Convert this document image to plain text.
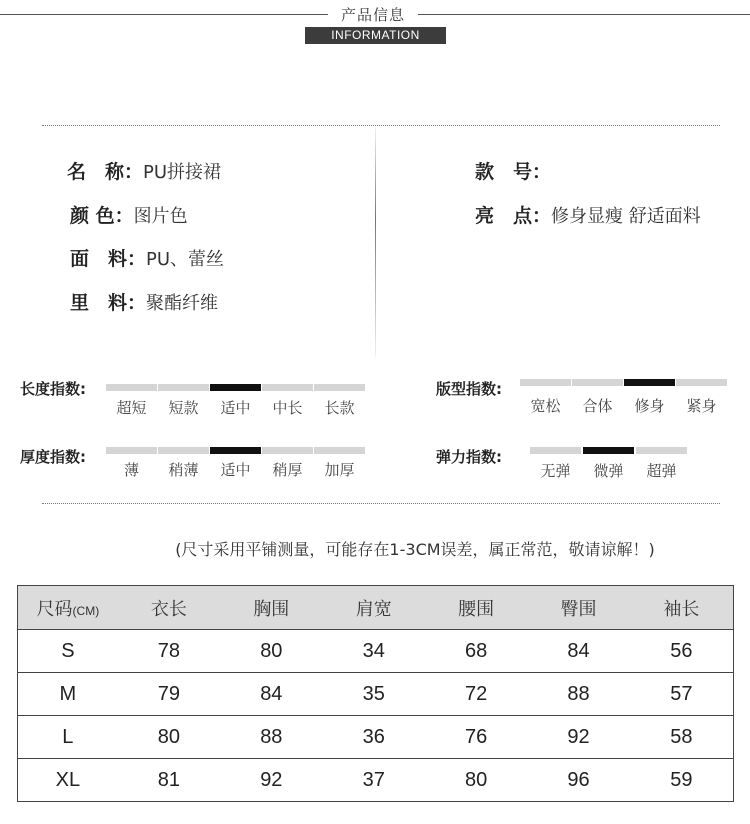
产品信息
INFORMATION
名　称：PU拼接裙
颜 色：图片色
面　料：PU、蕾丝
里　料：聚酯纤维
款　号：
亮　点：修身显瘦 舒适面料
长度指数:
超短	短款	适中	中长	长款
版型指数:
宽松	合体	修身	紧身
厚度指数:
薄	稍薄	适中	稍厚	加厚
弹力指数:
无弹	微弹	超弹
(尺寸采用平铺测量，可能存在1-3CM误差，属正常范，敬请谅解！)
尺码(CM)	衣长	胸围	肩宽	腰围	臀围	袖长
S	78	80	34	68	84	56
M	79	84	35	72	88	57
L	80	88	36	76	92	58
XL	81	92	37	80	96	59
